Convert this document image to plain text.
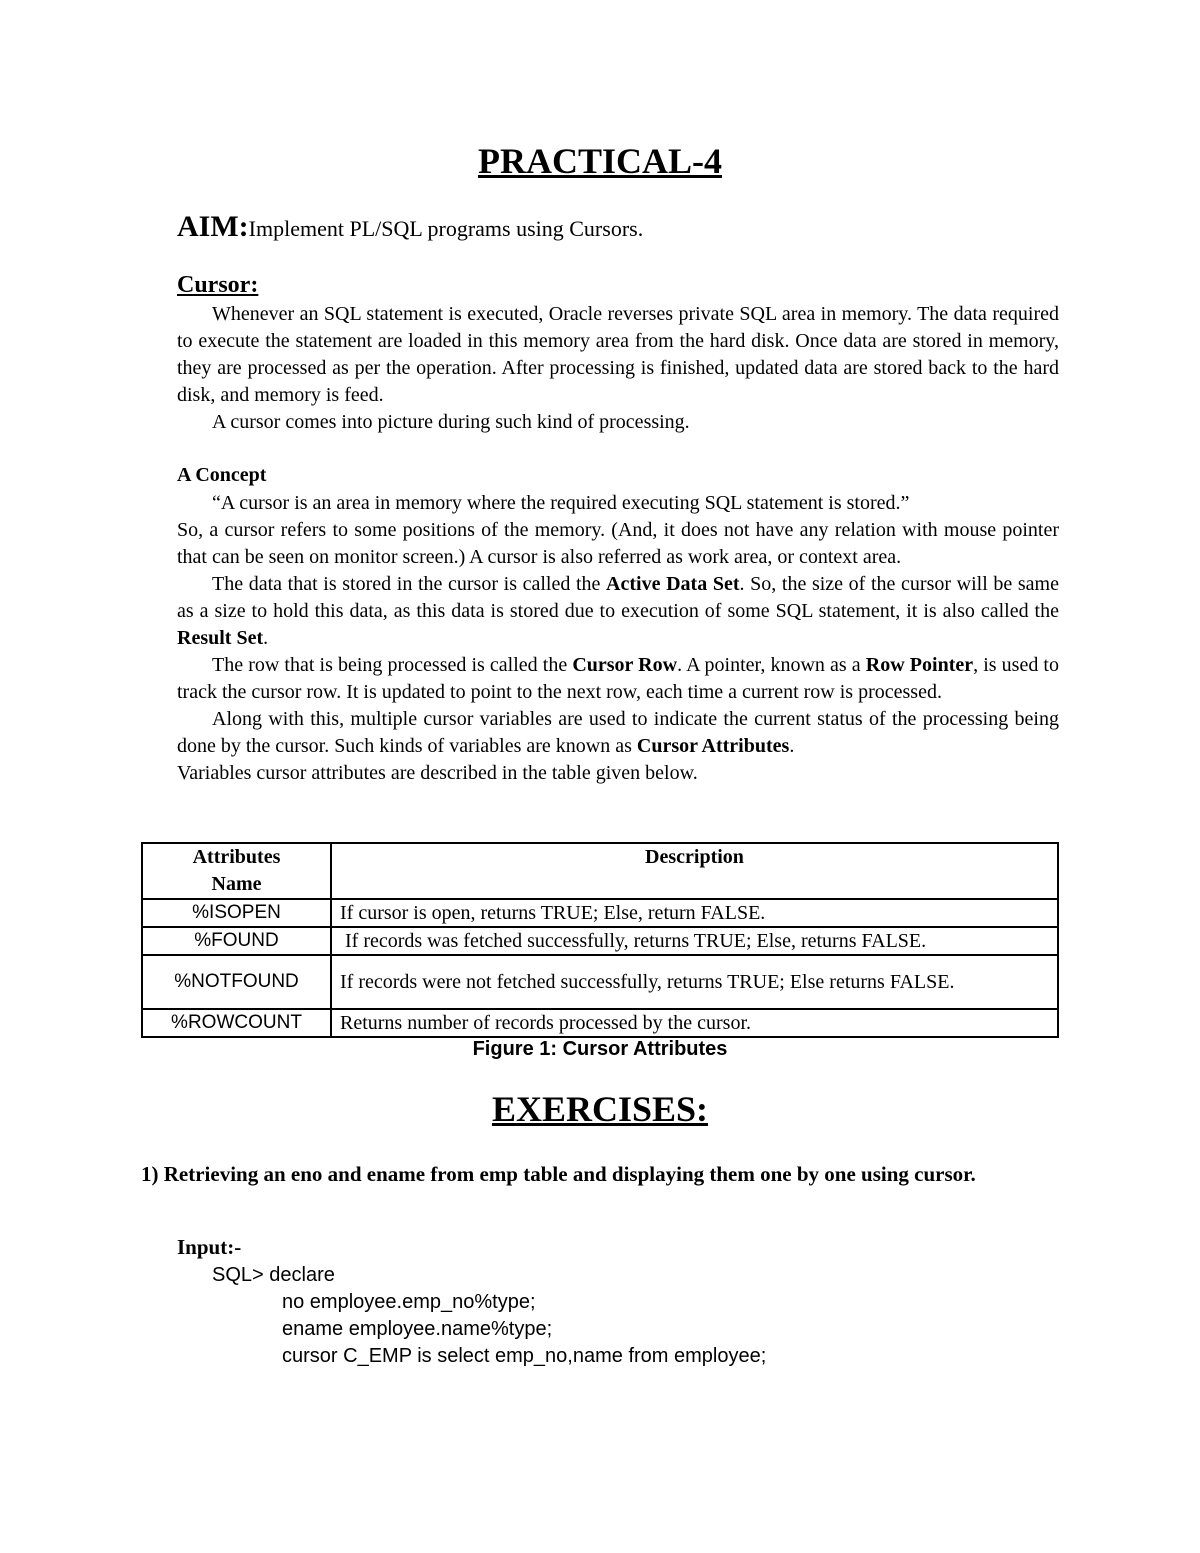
PRACTICAL-4
AIM:Implement PL/SQL programs using Cursors.
Cursor:

Whenever an SQL statement is executed, Oracle reverses private SQL area in memory. The data required to execute the statement are loaded in this memory area from the hard disk. Once data are stored in memory, they are processed as per the operation. After processing is finished, updated data are stored back to the hard disk, and memory is feed.

A cursor comes into picture during such kind of processing.

A Concept

“A cursor is an area in memory where the required executing SQL statement is stored.”

So, a cursor refers to some positions of the memory. (And, it does not have any relation with mouse pointer that can be seen on monitor screen.) A cursor is also referred as work area, or context area.

The data that is stored in the cursor is called the Active Data Set. So, the size of the cursor will be same as a size to hold this data, as this data is stored due to execution of some SQL statement, it is also called the Result Set.

The row that is being processed is called the Cursor Row. A pointer, known as a Row Pointer, is used to track the cursor row. It is updated to point to the next row, each time a current row is processed.

Along with this, multiple cursor variables are used to indicate the current status of the processing being done by the cursor. Such kinds of variables are known as Cursor Attributes.

Variables cursor attributes are described in the table given below.

Attributes
Name	Description
%ISOPEN	If cursor is open, returns TRUE; Else, return FALSE.
%FOUND	If records was fetched successfully, returns TRUE; Else, returns FALSE.
%NOTFOUND	If records were not fetched successfully, returns TRUE; Else returns FALSE.
%ROWCOUNT	Returns number of records processed by the cursor.
Figure 1: Cursor Attributes
EXERCISES:
1) Retrieving an eno and ename from emp table and displaying them one by one using cursor.
Input:-
SQL> declare
no employee.emp_no%type;
ename employee.name%type;
cursor C_EMP is select emp_no,name from employee;
